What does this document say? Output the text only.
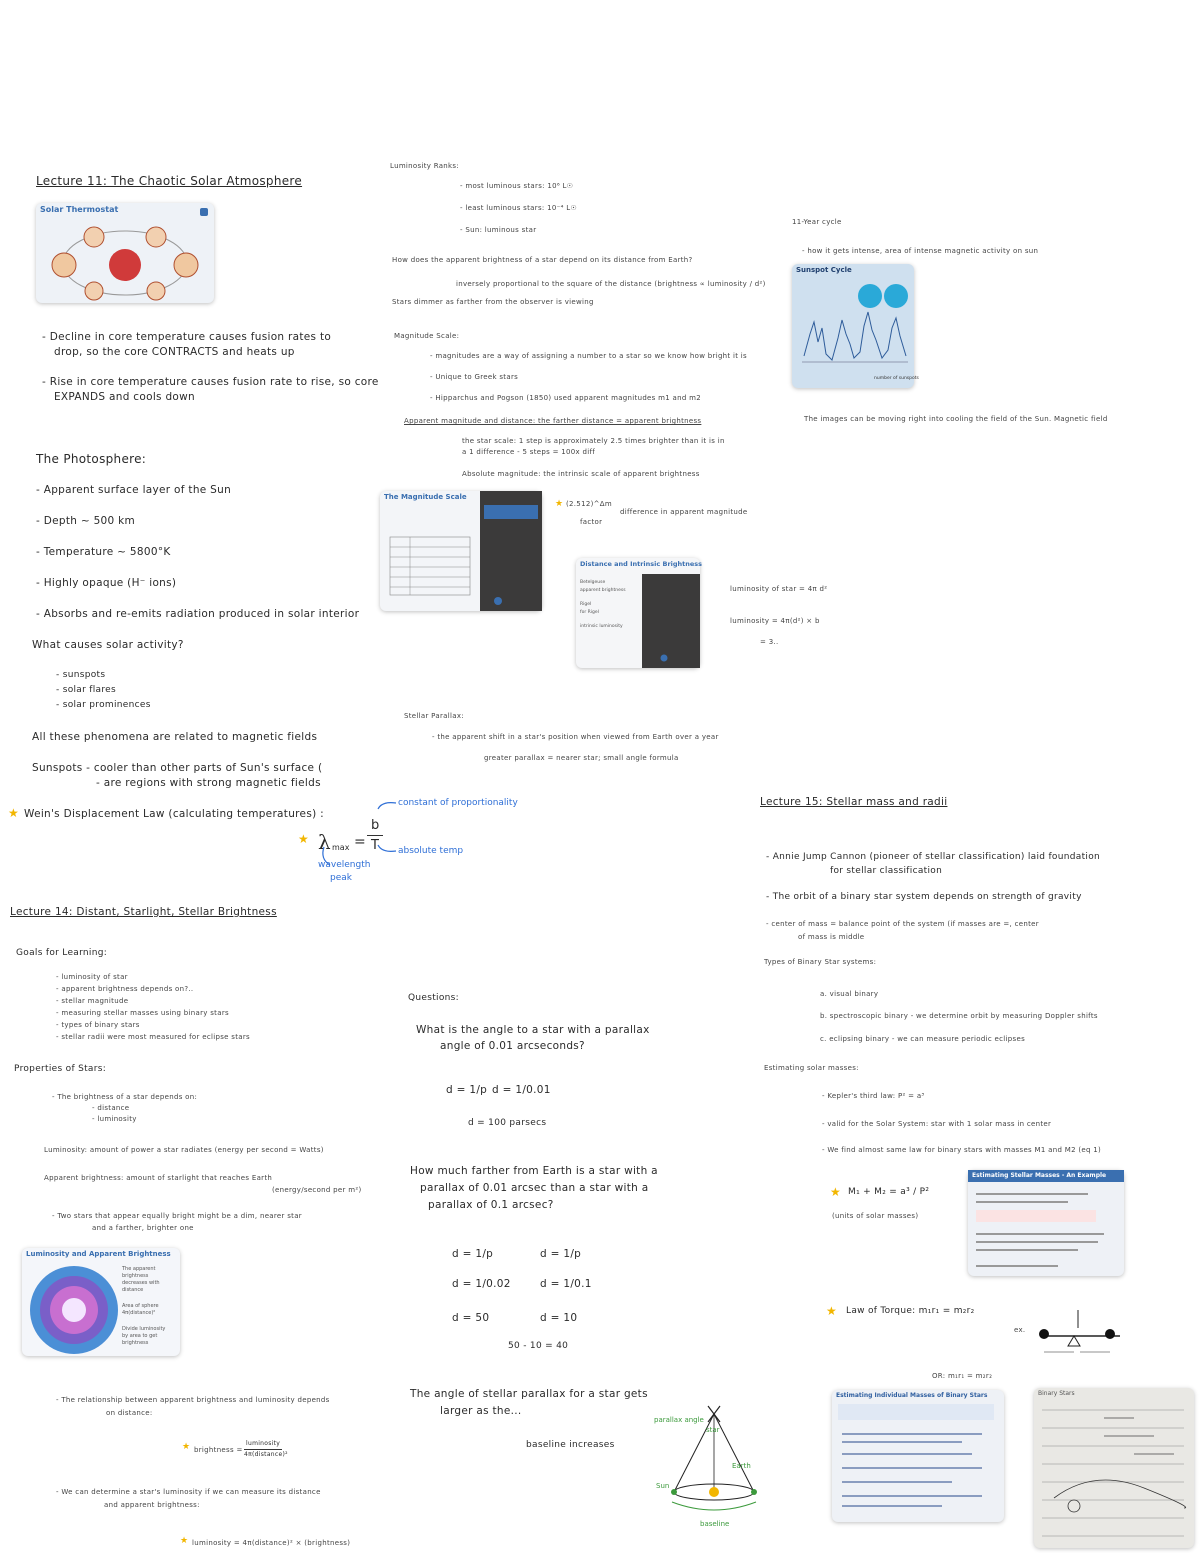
Lecture 11: The Chaotic Solar Atmosphere
Solar Thermostat
- Decline in core temperature causes fusion rates to
drop, so the core CONTRACTS and heats up
- Rise in core temperature causes fusion rate to rise, so core
EXPANDS and cools down
The Photosphere:
- Apparent surface layer of the Sun
- Depth ~ 500 km
- Temperature ~ 5800°K
- Highly opaque (H⁻ ions)
- Absorbs and re-emits radiation produced in solar interior
What causes solar activity?
- sunspots
- solar flares
- solar prominences
All these phenomena are related to magnetic fields
Sunspots - cooler than other parts of Sun's surface (
- are regions with strong magnetic fields
★ Wein's Displacement Law (calculating temperatures) :
★ λ max =
b
T
constant of proportionality
absolute temp
wavelength
peak
Lecture 14: Distant, Starlight, Stellar Brightness
Goals for Learning:
- luminosity of star
- apparent brightness depends on?..
- stellar magnitude
- measuring stellar masses using binary stars
- types of binary stars
- stellar radii were most measured for eclipse stars
Properties of Stars:
- The brightness of a star depends on:
- distance
- luminosity
Luminosity: amount of power a star radiates (energy per second = Watts)
Apparent brightness: amount of starlight that reaches Earth
(energy/second per m²)
- Two stars that appear equally bright might be a dim, nearer star
and a farther, brighter one
Luminosity and Apparent Brightness
The apparent
brightness
decreases with
distance
Area of sphere
4π(distance)²
Divide luminosity
by area to get
brightness
- The relationship between apparent brightness and luminosity depends
on distance:
★ brightness =
luminosity
4π(distance)²
- We can determine a star's luminosity if we can measure its distance
and apparent brightness:
★ luminosity = 4π(distance)² × (brightness)
Luminosity Ranks:
- most luminous stars: 10⁶ L☉
- least luminous stars: 10⁻⁴ L☉
- Sun: luminous star
How does the apparent brightness of a star depend on its distance from Earth?
inversely proportional to the square of the distance (brightness ∝ luminosity / d²)
Stars dimmer as farther from the observer is viewing
Magnitude Scale:
- magnitudes are a way of assigning a number to a star so we know how bright it is
- Unique to Greek stars
- Hipparchus and Pogson (1850) used apparent magnitudes m1 and m2
Apparent magnitude and distance: the farther distance = apparent brightness
the star scale: 1 step is approximately 2.5 times brighter than it is in
a 1 difference - 5 steps = 100x diff
Absolute magnitude: the intrinsic scale of apparent brightness
The Magnitude Scale
★ (2.512)^Δm
difference in apparent magnitude
factor
Distance and Intrinsic Brightness
Betelgeuse
apparent brightness
Rigel
for Rigel
intrinsic luminosity
luminosity of star = 4π d²
luminosity = 4π(d²) × b
= 3..
Stellar Parallax:
- the apparent shift in a star's position when viewed from Earth over a year
greater parallax = nearer star; small angle formula
Questions:
What is the angle to a star with a parallax
angle of 0.01 arcseconds?
d = 1/p d = 1/0.01
d = 100 parsecs
How much farther from Earth is a star with a
parallax of 0.01 arcsec than a star with a
parallax of 0.1 arcsec?
d = 1/p
d = 1/0.02
d = 50
d = 1/p
d = 1/0.1
d = 10
50 - 10 = 40
The angle of stellar parallax for a star gets
larger as the...
baseline increases
parallax angle
star
Sun
Earth
baseline
11-Year cycle
- how it gets intense, area of intense magnetic activity on sun
Sunspot Cycle
number of sunspots
The images can be moving right into cooling the field of the Sun. Magnetic field
Lecture 15: Stellar mass and radii
- Annie Jump Cannon (pioneer of stellar classification) laid foundation
for stellar classification
- The orbit of a binary star system depends on strength of gravity
- center of mass = balance point of the system (if masses are =, center
of mass is middle
Types of Binary Star systems:
a. visual binary
b. spectroscopic binary - we determine orbit by measuring Doppler shifts
c. eclipsing binary - we can measure periodic eclipses
Estimating solar masses:
- Kepler's third law: P² = a³
- valid for the Solar System: star with 1 solar mass in center
- We find almost same law for binary stars with masses M1 and M2 (eq 1)
★ M₁ + M₂ = a³ / P²
(units of solar masses)
Estimating Stellar Masses - An Example
★ Law of Torque: m₁r₁ = m₂r₂
ex.
OR: m₁r₁ = m₂r₂
Estimating Individual Masses of Binary Stars	Binary Stars
